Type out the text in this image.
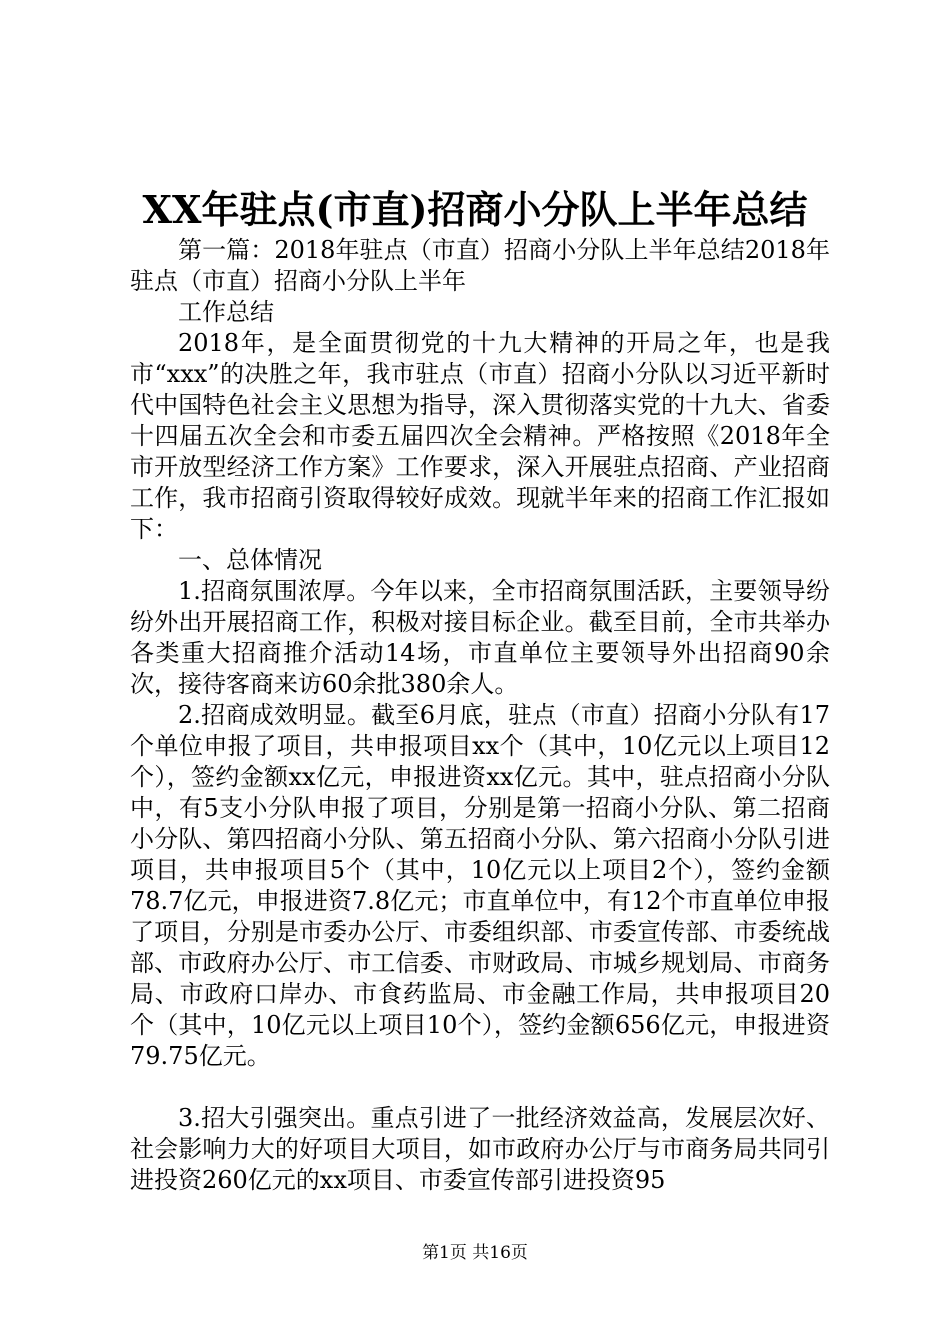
XX年驻点(市直)招商小分队上半年总结

第一篇：2018年驻点（市直）招商小分队上半年总结2018年驻点（市直）招商小分队上半年

工作总结

2018年，是全面贯彻党的十九大精神的开局之年，也是我市“xxx”的决胜之年，我市驻点（市直）招商小分队以习近平新时代中国特色社会主义思想为指导，深入贯彻落实党的十九大、省委十四届五次全会和市委五届四次全会精神。严格按照《2018年全市开放型经济工作方案》工作要求，深入开展驻点招商、产业招商工作，我市招商引资取得较好成效。现就半年来的招商工作汇报如下：

一、总体情况

1.招商氛围浓厚。今年以来，全市招商氛围活跃，主要领导纷纷外出开展招商工作，积极对接目标企业。截至目前，全市共举办各类重大招商推介活动14场，市直单位主要领导外出招商90余次，接待客商来访60余批380余人。

2.招商成效明显。截至6月底，驻点（市直）招商小分队有17个单位申报了项目，共申报项目xx个（其中，10亿元以上项目12个），签约金额xx亿元，申报进资xx亿元。其中，驻点招商小分队中，有5支小分队申报了项目，分别是第一招商小分队、第二招商小分队、第四招商小分队、第五招商小分队、第六招商小分队引进项目，共申报项目5个（其中，10亿元以上项目2个），签约金额78.7亿元，申报进资7.8亿元；市直单位中，有12个市直单位申报了项目，分别是市委办公厅、市委组织部、市委宣传部、市委统战部、市政府办公厅、市工信委、市财政局、市城乡规划局、市商务局、市政府口岸办、市食药监局、市金融工作局，共申报项目20个（其中，10亿元以上项目10个），签约金额656亿元，申报进资79.75亿元。

3.招大引强突出。重点引进了一批经济效益高，发展层次好、社会影响力大的好项目大项目，如市政府办公厅与市商务局共同引进投资260亿元的xx项目、市委宣传部引进投资95

第1页 共16页
